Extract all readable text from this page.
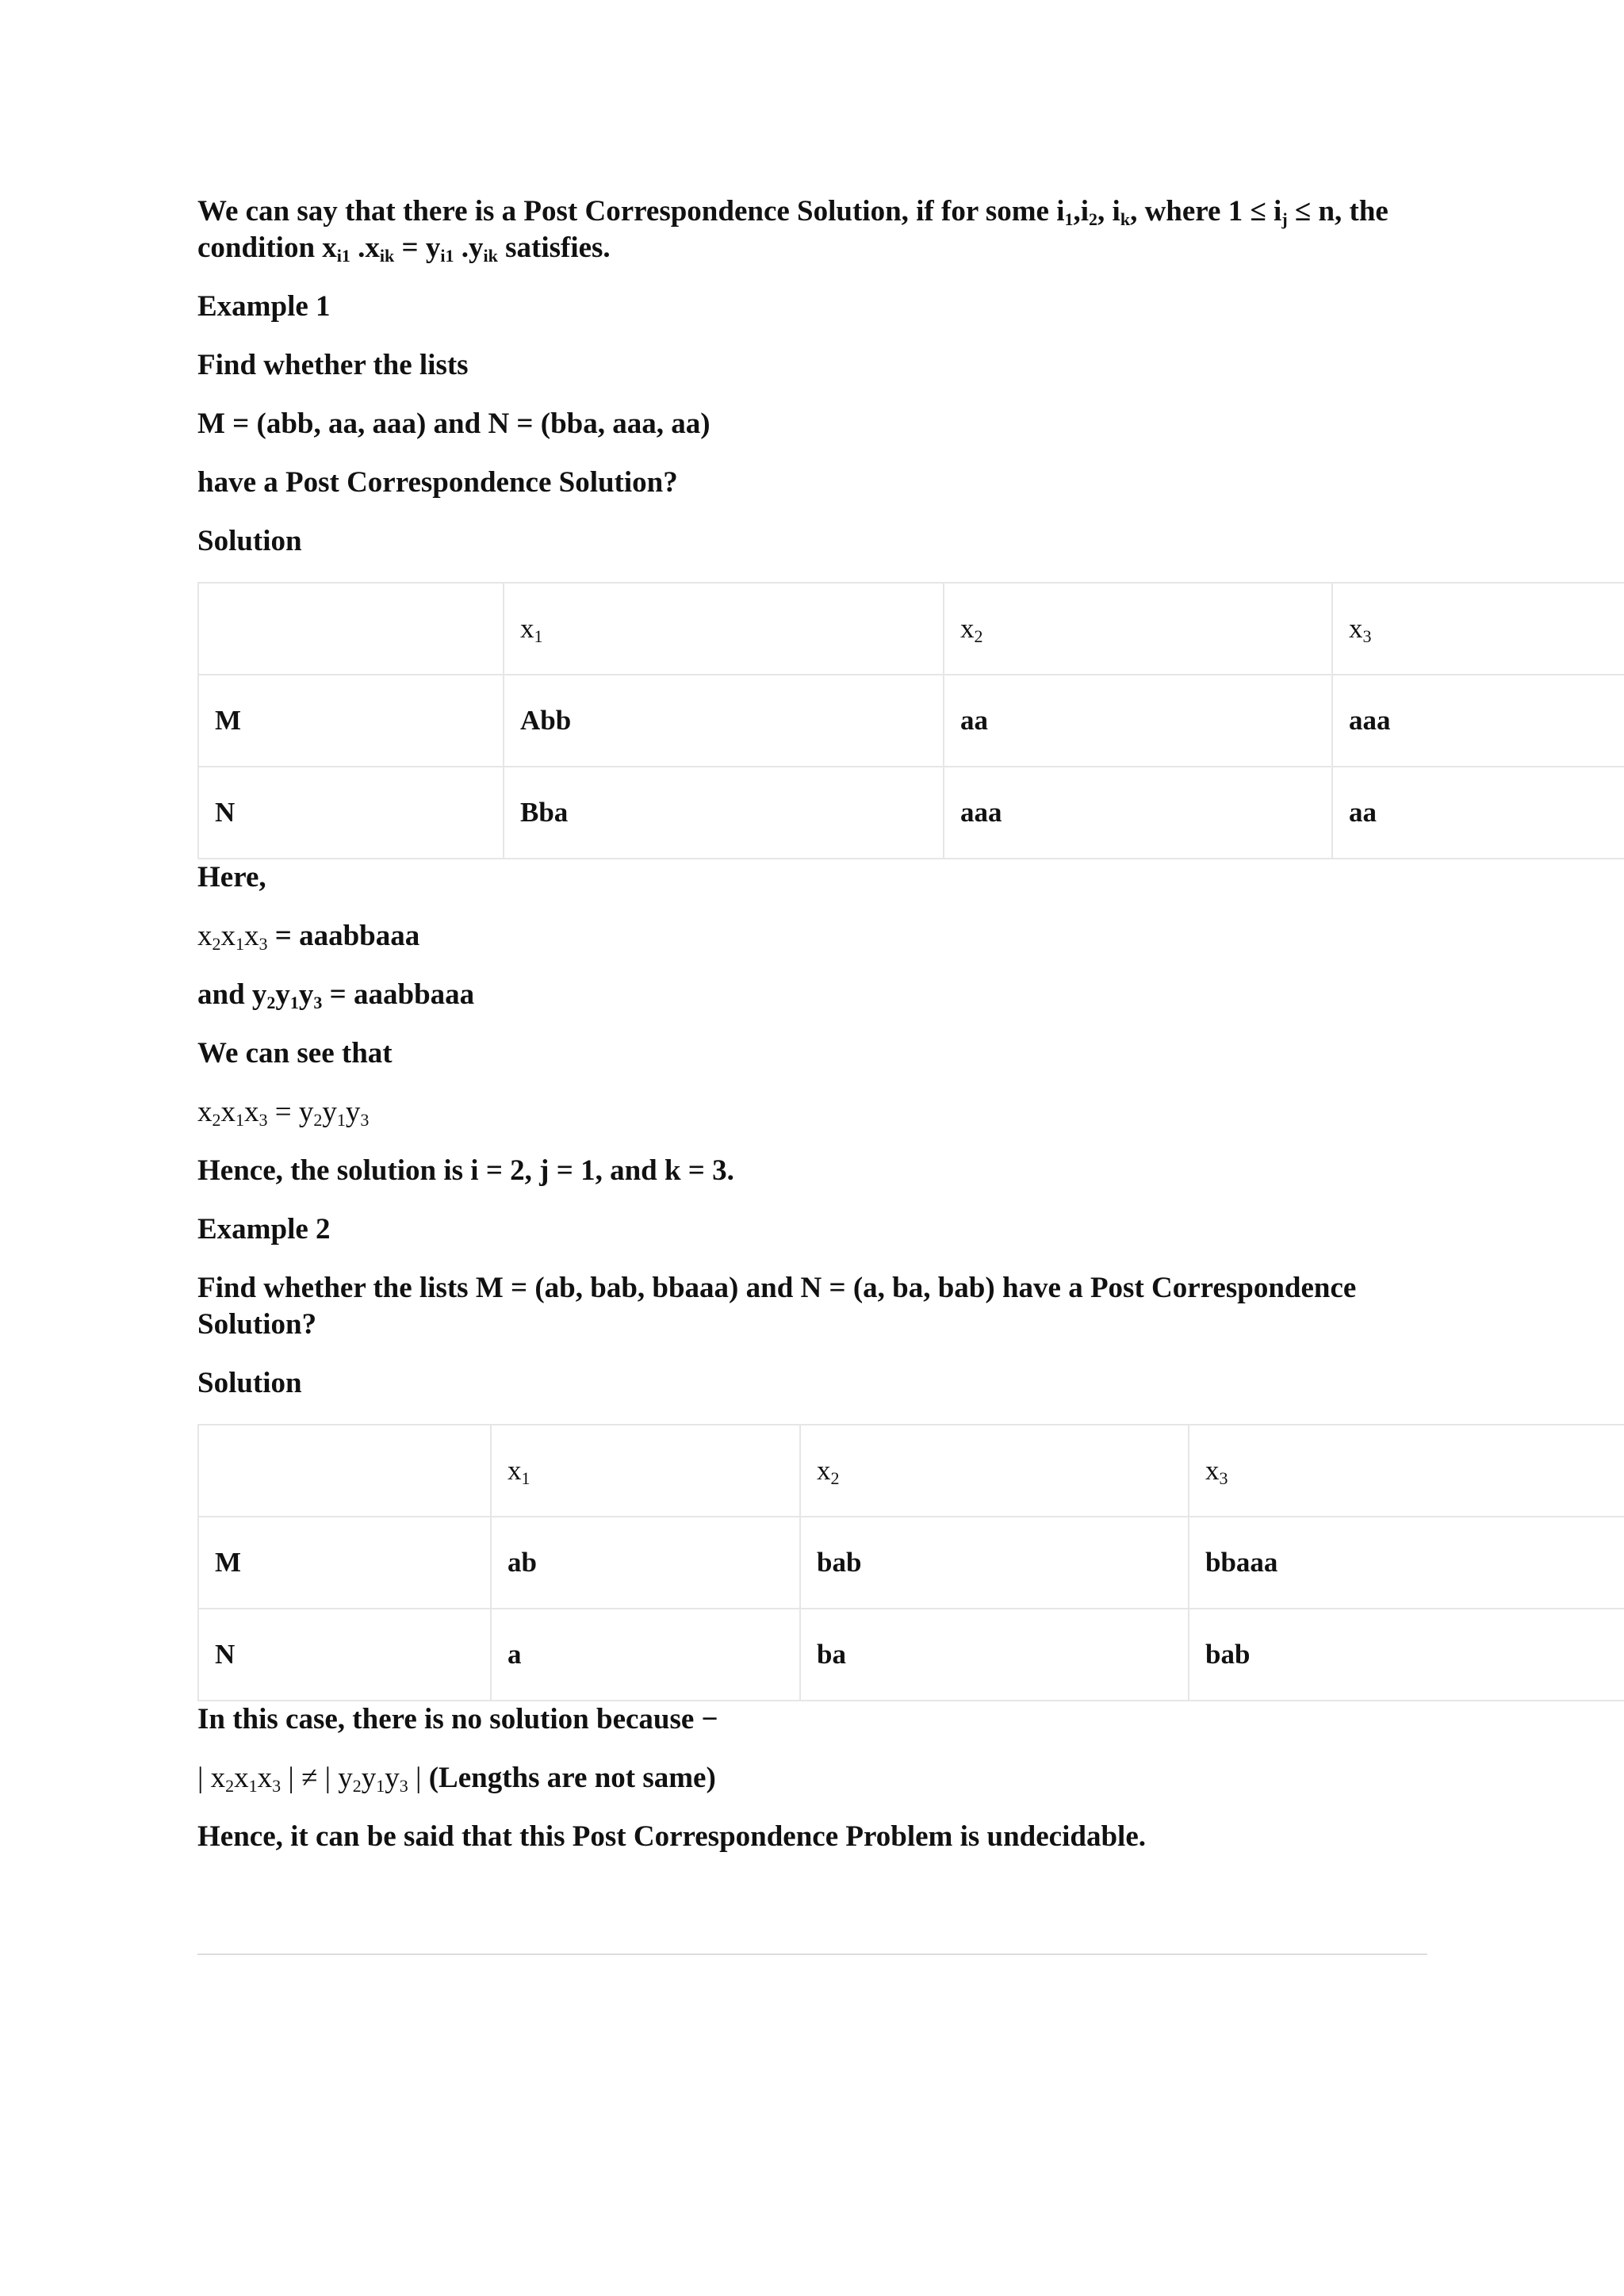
We can say that there is a Post Correspondence Solution, if for some $i_1,i_2$, $i_k$, where $1 \le i_j \le n$, the
condition $x_{i1}$ $.x_{ik} = y_{i1}$ $.y_{ik}$ satisfies.

Example 1

Find whether the lists

M = (abb, aa, aaa) and N = (bba, aaa, aa)

have a Post Correspondence Solution?

Solution

	$x_1$	$x_2$	$x_3$
M	Abb	aa	aaa
N	Bba	aaa	aa

Here,

$x_2x_1x_3$ = aaabbaaa

and $y_2y_1y_3$ = aaabbaaa

We can see that

$x_2x_1x_3 = y_2y_1y_3$

Hence, the solution is i = 2, j = 1, and k = 3.

Example 2

Find whether the lists M = (ab, bab, bbaaa) and N = (a, ba, bab) have a Post Correspondence Solution?

Solution

	$x_1$	$x_2$	$x_3$
M	ab	bab	bbaaa
N	a	ba	bab

In this case, there is no solution because −

| $x_2x_1x_3$ | ≠ | $y_2y_1y_3$ | (Lengths are not same)

Hence, it can be said that this Post Correspondence Problem is undecidable.
